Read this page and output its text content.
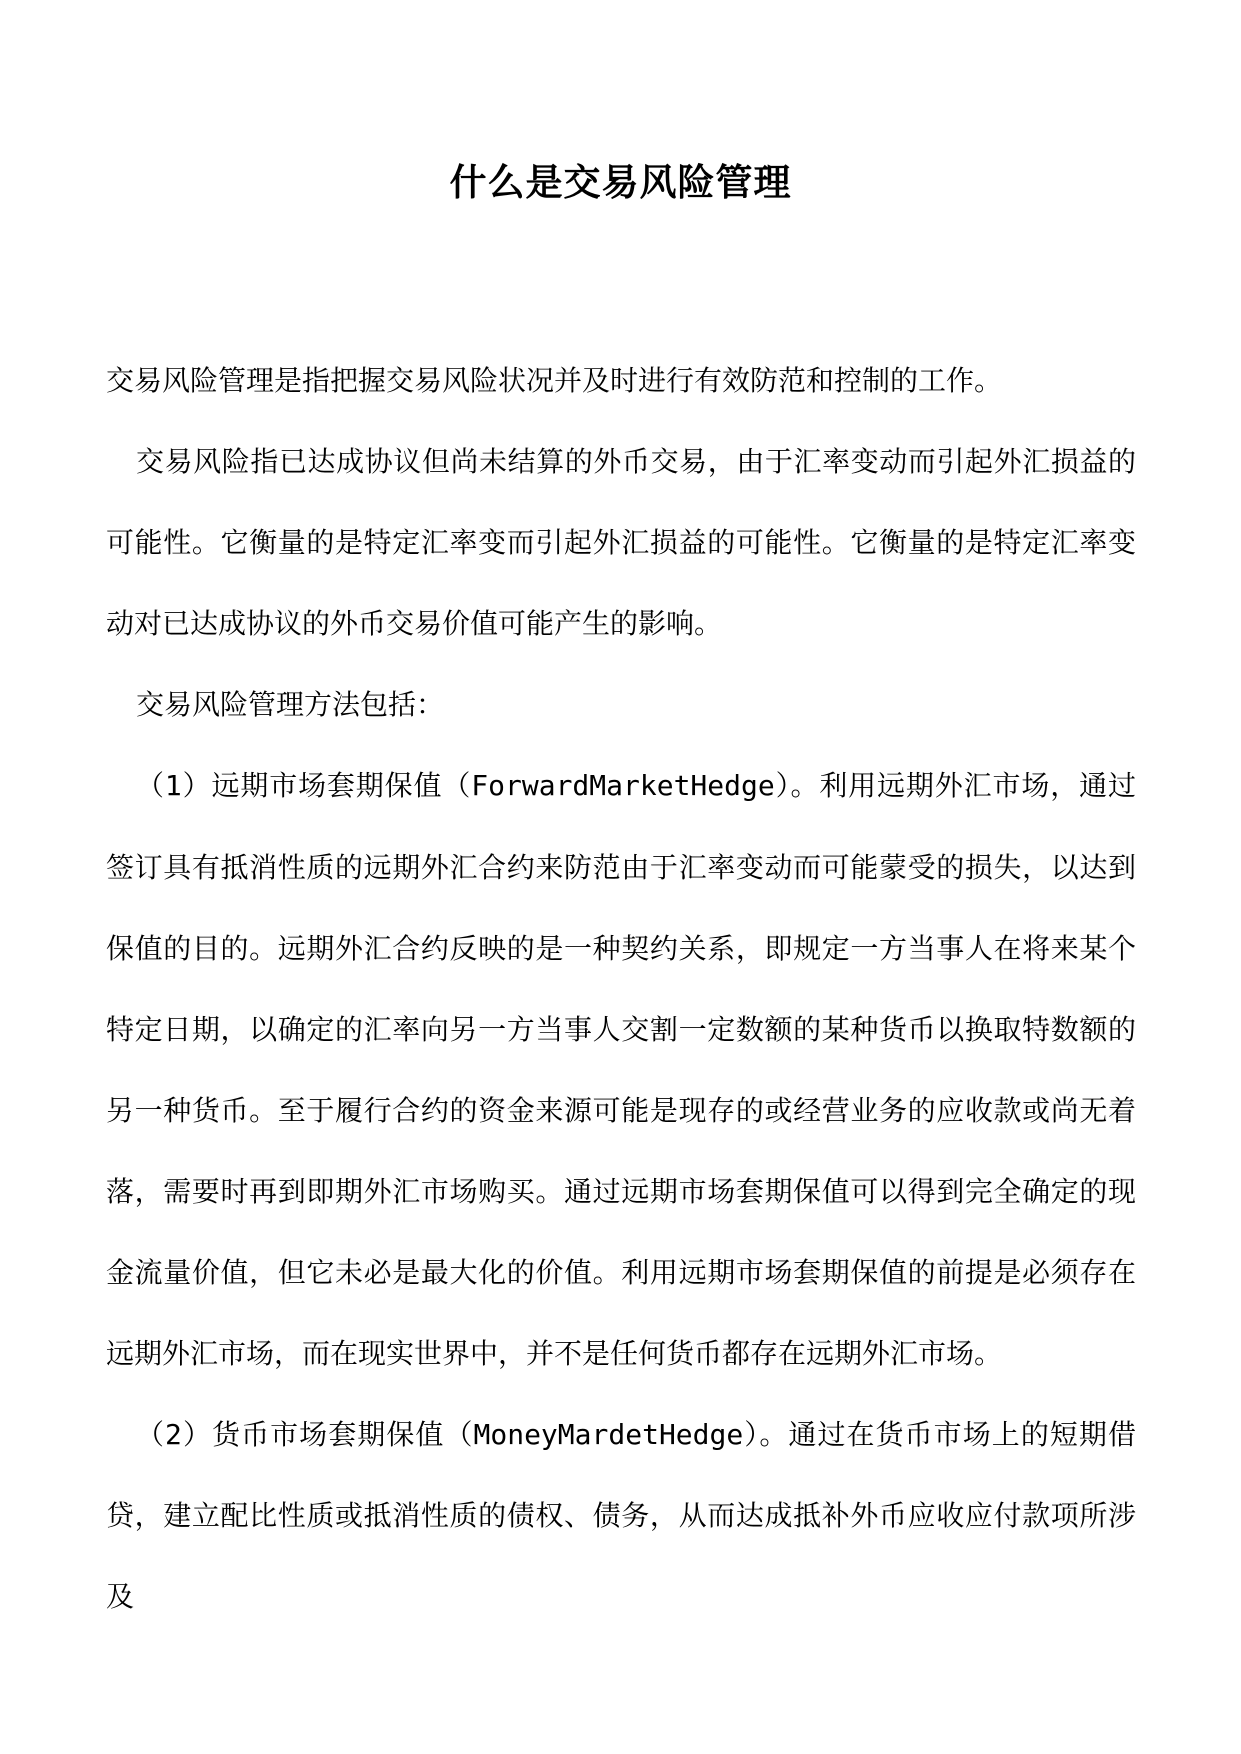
什么是交易风险管理

交易风险管理是指把握交易风险状况并及时进行有效防范和控制的工作。

交易风险指已达成协议但尚未结算的外币交易，由于汇率变动而引起外汇损益的可能性。它衡量的是特定汇率变而引起外汇损益的可能性。它衡量的是特定汇率变动对已达成协议的外币交易价值可能产生的影响。

交易风险管理方法包括：

（1）远期市场套期保值（ForwardMarketHedge）。利用远期外汇市场，通过签订具有抵消性质的远期外汇合约来防范由于汇率变动而可能蒙受的损失，以达到保值的目的。远期外汇合约反映的是一种契约关系，即规定一方当事人在将来某个特定日期，以确定的汇率向另一方当事人交割一定数额的某种货币以换取特数额的另一种货币。至于履行合约的资金来源可能是现存的或经营业务的应收款或尚无着落，需要时再到即期外汇市场购买。通过远期市场套期保值可以得到完全确定的现金流量价值，但它未必是最大化的价值。利用远期市场套期保值的前提是必须存在远期外汇市场，而在现实世界中，并不是任何货币都存在远期外汇市场。

（2）货币市场套期保值（MoneyMardetHedge）。通过在货币市场上的短期借贷，建立配比性质或抵消性质的债权、债务，从而达成抵补外币应收应付款项所涉及
